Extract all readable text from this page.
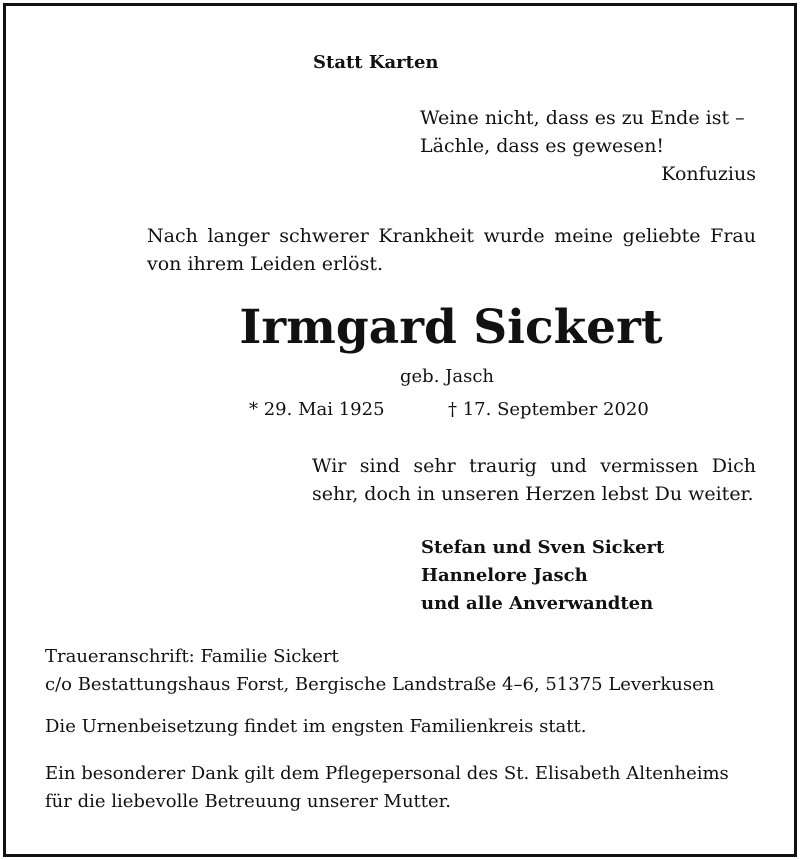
Statt Karten
Weine nicht, dass es zu Ende ist –
Lächle, dass es gewesen!
Konfuzius
Nach langer schwerer Krankheit wurde meine geliebte Frau von ihrem Leiden erlöst.
Irmgard Sickert
geb. Jasch
* 29. Mai 1925	† 17. September 2020
Wir sind sehr traurig und vermissen Dich sehr, doch in unseren Herzen lebst Du weiter.
Stefan und Sven Sickert
Hannelore Jasch
und alle Anverwandten
Traueranschrift: Familie Sickert
c/o Bestattungshaus Forst, Bergische Landstraße 4–6, 51375 Leverkusen
Die Urnenbeisetzung findet im engsten Familienkreis statt.
Ein besonderer Dank gilt dem Pflegepersonal des St. Elisabeth Altenheims
für die liebevolle Betreuung unserer Mutter.
